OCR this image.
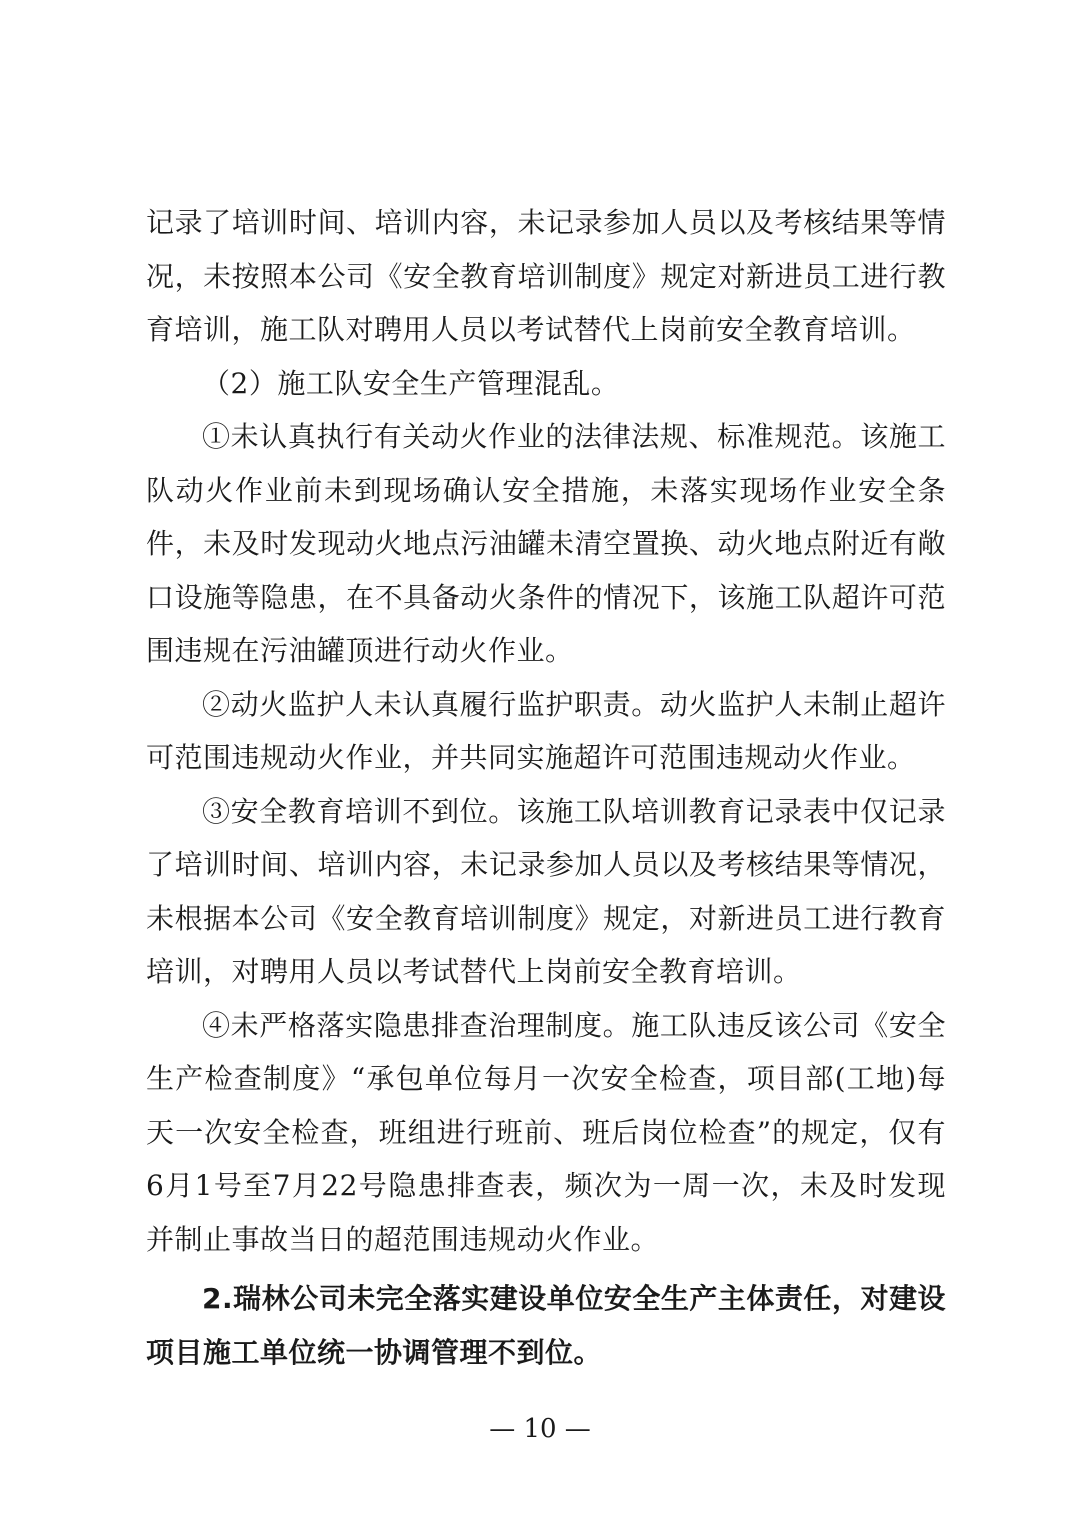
记录了培训时间、培训内容，未记录参加人员以及考核结果等情况，未按照本公司《安全教育培训制度》规定对新进员工进行教育培训，施工队对聘用人员以考试替代上岗前安全教育培训。

（2）施工队安全生产管理混乱。

①未认真执行有关动火作业的法律法规、标准规范。该施工队动火作业前未到现场确认安全措施，未落实现场作业安全条件，未及时发现动火地点污油罐未清空置换、动火地点附近有敞口设施等隐患，在不具备动火条件的情况下，该施工队超许可范围违规在污油罐顶进行动火作业。

②动火监护人未认真履行监护职责。动火监护人未制止超许可范围违规动火作业，并共同实施超许可范围违规动火作业。

③安全教育培训不到位。该施工队培训教育记录表中仅记录了培训时间、培训内容，未记录参加人员以及考核结果等情况，未根据本公司《安全教育培训制度》规定，对新进员工进行教育培训，对聘用人员以考试替代上岗前安全教育培训。

④未严格落实隐患排查治理制度。施工队违反该公司《安全生产检查制度》“承包单位每月一次安全检查，项目部(工地)每天一次安全检查，班组进行班前、班后岗位检查”的规定，仅有6月1号至7月22号隐患排查表，频次为一周一次，未及时发现并制止事故当日的超范围违规动火作业。

2.瑞林公司未完全落实建设单位安全生产主体责任，对建设项目施工单位统一协调管理不到位。

— 10 —
